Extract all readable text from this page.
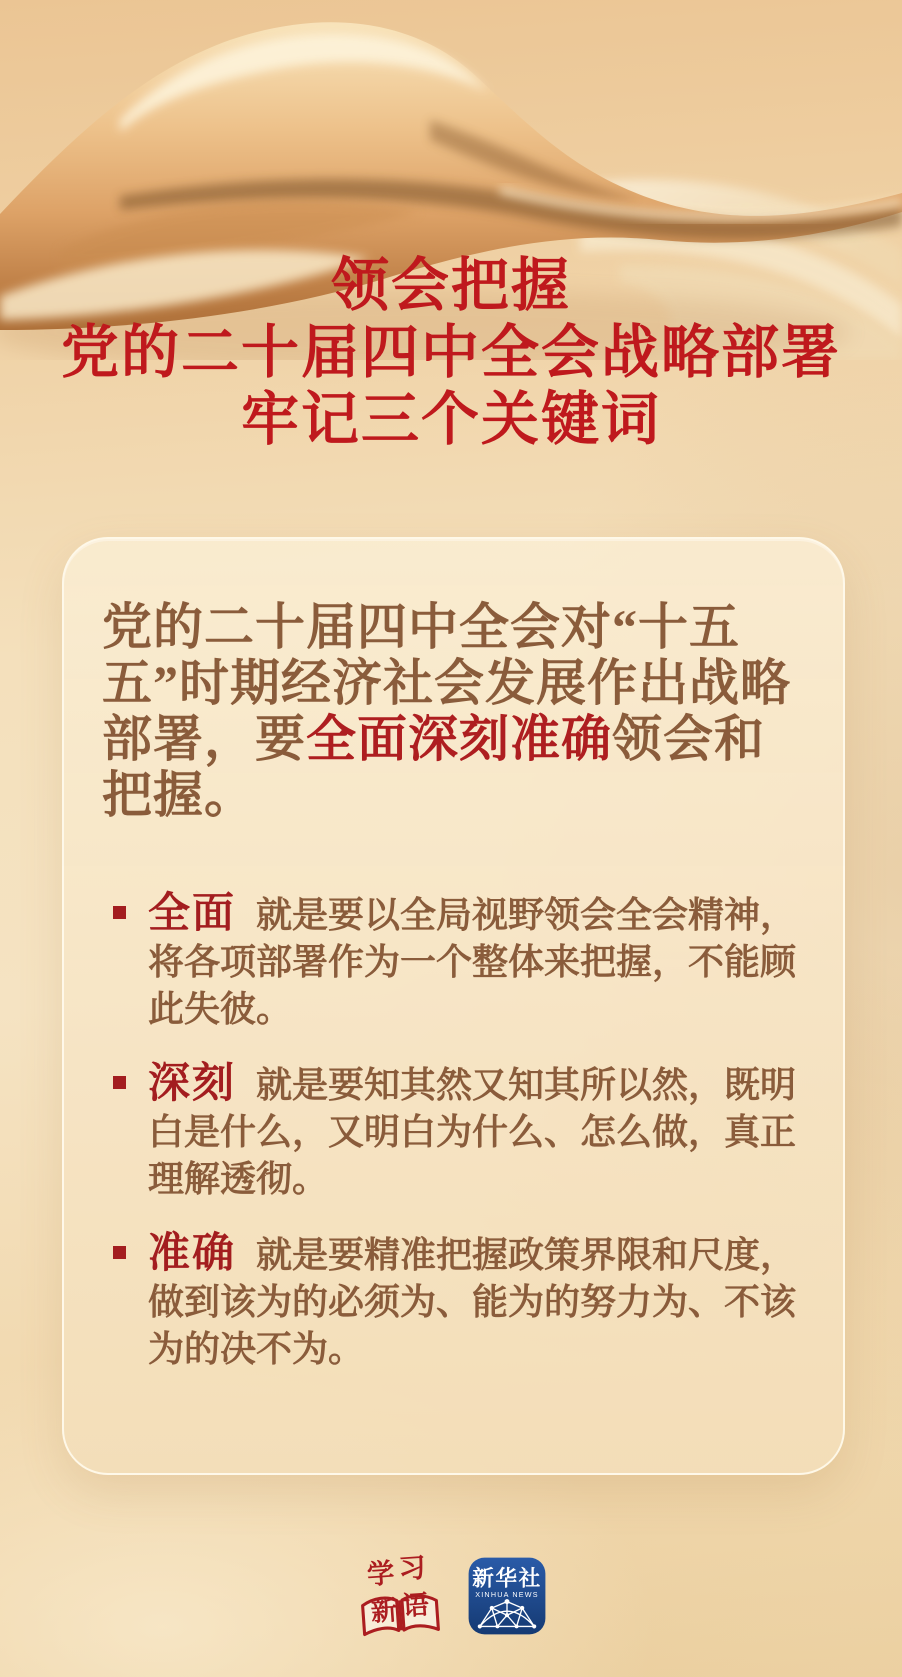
领会把握
党的二十届四中全会战略部署
牢记三个关键词

党的二十届四中全会对“十五五”时期经济社会发展作出战略部署，要全面深刻准确领会和把握。

全面 就是要以全局视野领会全会精神，将各项部署作为一个整体来把握，不能顾此失彼。
深刻 就是要知其然又知其所以然，既明白是什么，又明白为什么、怎么做，真正理解透彻。
准确 就是要精准把握政策界限和尺度，做到该为的必须为、能为的努力为、不该为的决不为。
学 习
新 语
新华社
XINHUA NEWS
